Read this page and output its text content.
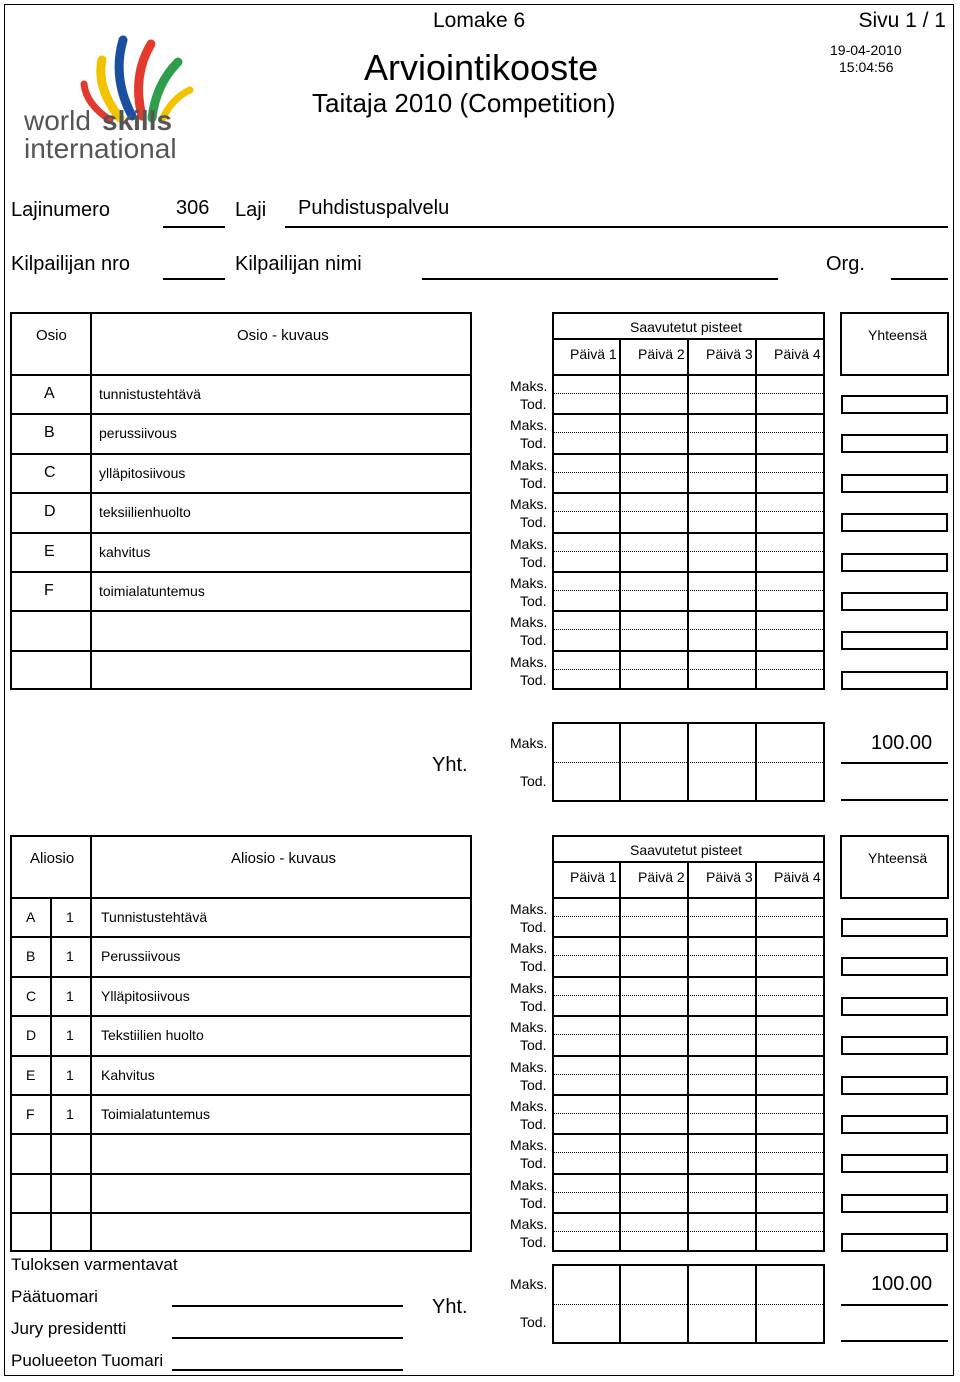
world skills
international
Lomake 6	Sivu 1 / 1
Arviointikooste
Taitaja 2010 (Competition)
19-04-2010
15:04:56
Lajinumero	306 Laji Puhdistuspalvelu
Kilpailijan nro	Kilpailijan nimi	Org.
Osio	Osio - kuvaus	Saavutetut pisteet
Päivä 1 Päivä 2 Päivä 3 Päivä 4
Yhteensä
A	tunnistustehtävä
B	perussiivous
C	ylläpitosiivous
D	teksiilienhuolto
E	kahvitus
F	toimialatuntemus
Maks.
Tod.
Maks.
Tod.
Maks.
Tod.
Maks.
Tod.
Maks.
Tod.
Maks.
Tod.
Maks.
Tod.
Maks.
Tod.
Yht.
Maks.
Tod.
100.00
Aliosio	Aliosio - kuvaus	Saavutetut pisteet
Päivä 1 Päivä 2 Päivä 3 Päivä 4
Yhteensä
A 1 Tunnistustehtävä
B 1 Perussiivous
C 1 Ylläpitosiivous
D 1 Tekstiilien huolto
E 1 Kahvitus
F 1 Toimialatuntemus
Maks.
Tod.
Maks.
Tod.
Maks.
Tod.
Maks.
Tod.
Maks.
Tod.
Maks.
Tod.
Maks.
Tod.
Maks.
Tod.
Maks.
Tod.
Yht.
Maks.
Tod.
100.00
Tuloksen varmentavat
Päätuomari
Jury presidentti
Puolueeton Tuomari
